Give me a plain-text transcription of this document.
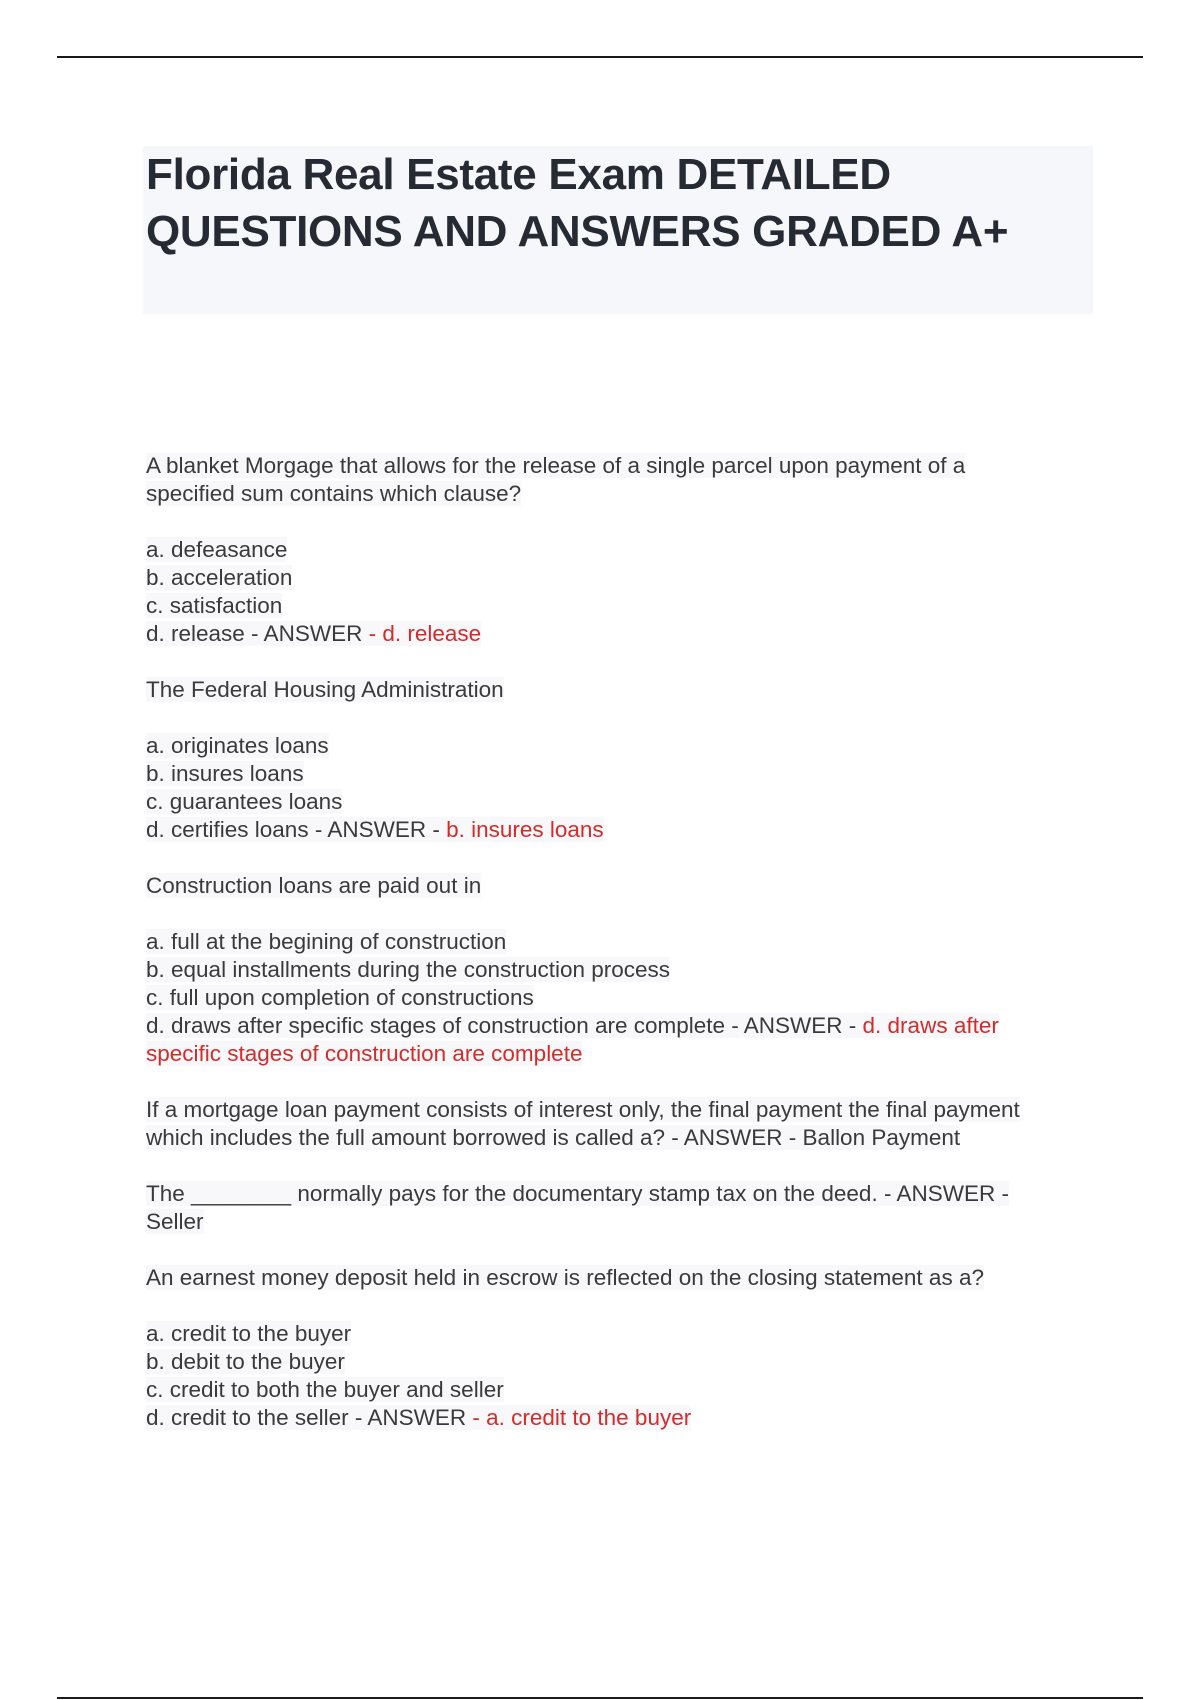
Florida Real Estate Exam DETAILED QUESTIONS AND ANSWERS GRADED A+
A blanket Morgage that allows for the release of a single parcel upon payment of a
specified sum contains which clause?
a. defeasance
b. acceleration
c. satisfaction
d. release - ANSWER - d. release
The Federal Housing Administration
a. originates loans
b. insures loans
c. guarantees loans
d. certifies loans - ANSWER - b. insures loans
Construction loans are paid out in
a. full at the begining of construction
b. equal installments during the construction process
c. full upon completion of constructions
d. draws after specific stages of construction are complete - ANSWER - d. draws after
specific stages of construction are complete
If a mortgage loan payment consists of interest only, the final payment the final payment
which includes the full amount borrowed is called a? - ANSWER - Ballon Payment
The ________ normally pays for the documentary stamp tax on the deed. - ANSWER -
Seller
An earnest money deposit held in escrow is reflected on the closing statement as a?
a. credit to the buyer
b. debit to the buyer
c. credit to both the buyer and seller
d. credit to the seller - ANSWER - a. credit to the buyer
